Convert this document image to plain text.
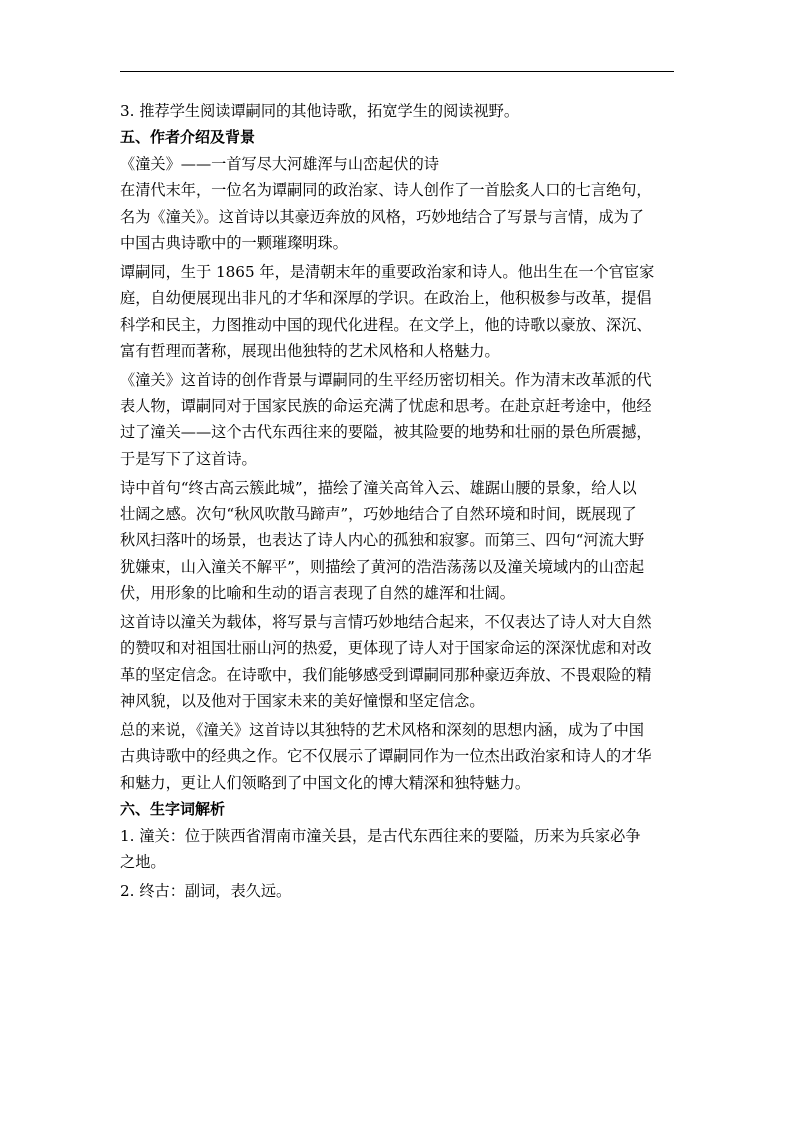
3. 推荐学生阅读谭嗣同的其他诗歌，拓宽学生的阅读视野。
五、作者介绍及背景
《潼关》——一首写尽大河雄浑与山峦起伏的诗
在清代末年，一位名为谭嗣同的政治家、诗人创作了一首脍炙人口的七言绝句，
名为《潼关》。这首诗以其豪迈奔放的风格，巧妙地结合了写景与言情，成为了
中国古典诗歌中的一颗璀璨明珠。
谭嗣同，生于 1865 年，是清朝末年的重要政治家和诗人。他出生在一个官宦家
庭，自幼便展现出非凡的才华和深厚的学识。在政治上，他积极参与改革，提倡
科学和民主，力图推动中国的现代化进程。在文学上，他的诗歌以豪放、深沉、
富有哲理而著称，展现出他独特的艺术风格和人格魅力。
《潼关》这首诗的创作背景与谭嗣同的生平经历密切相关。作为清末改革派的代
表人物，谭嗣同对于国家民族的命运充满了忧虑和思考。在赴京赶考途中，他经
过了潼关——这个古代东西往来的要隘，被其险要的地势和壮丽的景色所震撼，
于是写下了这首诗。
诗中首句“终古高云簇此城”，描绘了潼关高耸入云、雄踞山腰的景象，给人以
壮阔之感。次句“秋风吹散马蹄声”，巧妙地结合了自然环境和时间，既展现了
秋风扫落叶的场景，也表达了诗人内心的孤独和寂寥。而第三、四句“河流大野
犹嫌束，山入潼关不解平”，则描绘了黄河的浩浩荡荡以及潼关境域内的山峦起
伏，用形象的比喻和生动的语言表现了自然的雄浑和壮阔。
这首诗以潼关为载体，将写景与言情巧妙地结合起来，不仅表达了诗人对大自然
的赞叹和对祖国壮丽山河的热爱，更体现了诗人对于国家命运的深深忧虑和对改
革的坚定信念。在诗歌中，我们能够感受到谭嗣同那种豪迈奔放、不畏艰险的精
神风貌，以及他对于国家未来的美好憧憬和坚定信念。
总的来说，《潼关》这首诗以其独特的艺术风格和深刻的思想内涵，成为了中国
古典诗歌中的经典之作。它不仅展示了谭嗣同作为一位杰出政治家和诗人的才华
和魅力，更让人们领略到了中国文化的博大精深和独特魅力。
六、生字词解析
1. 潼关：位于陕西省渭南市潼关县，是古代东西往来的要隘，历来为兵家必争
之地。
2. 终古：副词，表久远。
